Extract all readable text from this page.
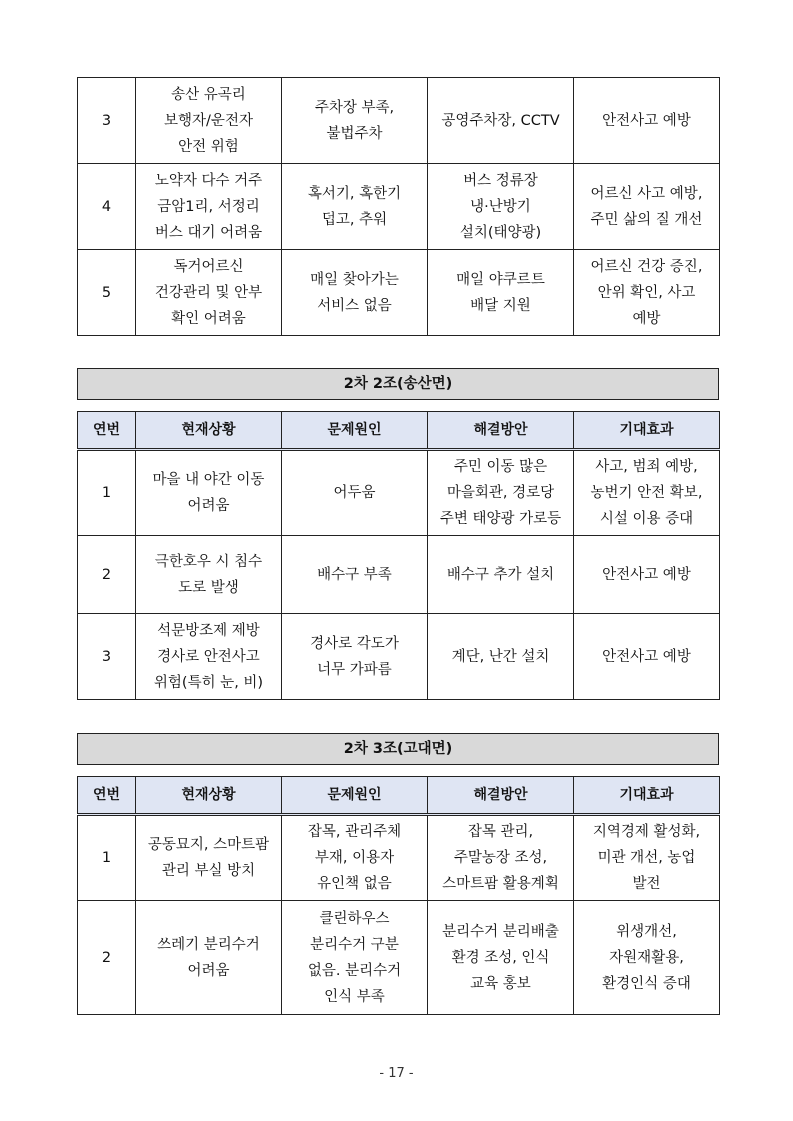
3	송산 유곡리
보행자/운전자
안전 위험	주차장 부족,
불법주차	공영주차장, CCTV	안전사고 예방

4	노약자 다수 거주
금암1리, 서정리
버스 대기 어려움	혹서기, 혹한기
덥고, 추워	버스 정류장
냉·난방기
설치(태양광)	어르신 사고 예방,
주민 삶의 질 개선

5	독거어르신
건강관리 및 안부
확인 어려움	매일 찾아가는
서비스 없음	매일 야쿠르트
배달 지원	어르신 건강 증진,
안위 확인, 사고
예방
2차 2조(송산면)
연번	현재상황	문제원인	해결방안	기대효과
1	마을 내 야간 이동
어려움	어두움	주민 이동 많은
마을회관, 경로당
주변 태양광 가로등	사고, 범죄 예방,
농번기 안전 확보,
시설 이용 증대

2	극한호우 시 침수
도로 발생	배수구 부족	배수구 추가 설치	안전사고 예방

3	석문방조제 제방
경사로 안전사고
위험(특히 눈, 비)	경사로 각도가
너무 가파름	계단, 난간 설치	안전사고 예방
2차 3조(고대면)
연번	현재상황	문제원인	해결방안	기대효과
1	공동묘지, 스마트팜
관리 부실 방치	잡목, 관리주체
부재, 이용자
유인책 없음	잡목 관리,
주말농장 조성,
스마트팜 활용계획	지역경제 활성화,
미관 개선, 농업
발전

2	쓰레기 분리수거
어려움	클린하우스
분리수거 구분
없음. 분리수거
인식 부족	분리수거 분리배출
환경 조성, 인식
교육 홍보	위생개선,
자원재활용,
환경인식 증대
- 17 -
